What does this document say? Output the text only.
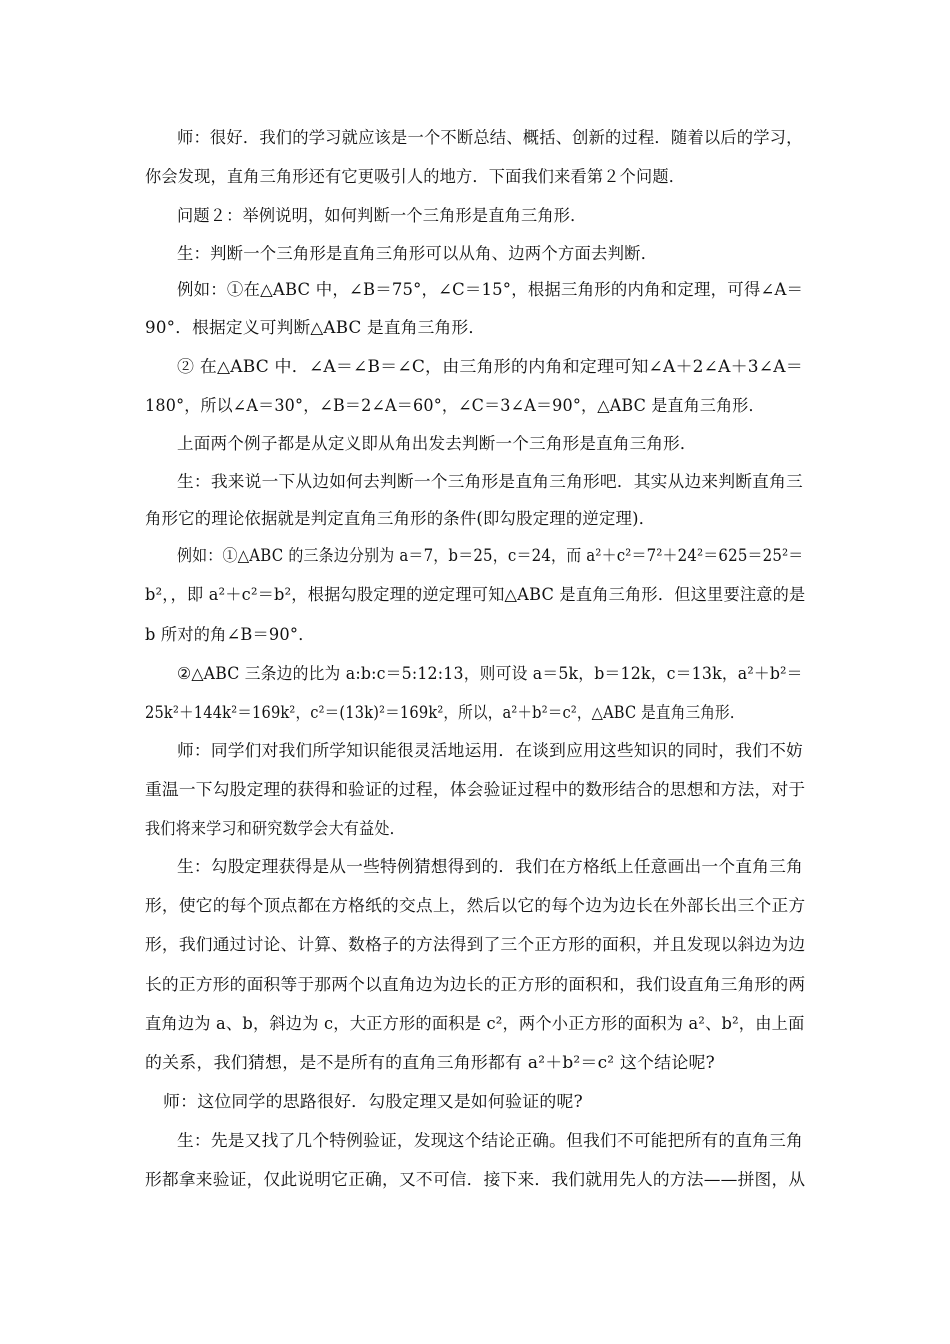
师：很好．我们的学习就应该是一个不断总结、概括、创新的过程．随着以后的学习，
你会发现，直角三角形还有它更吸引人的地方．下面我们来看第２个问题．
问题２：举例说明，如何判断一个三角形是直角三角形．
生：判断一个三角形是直角三角形可以从角、边两个方面去判断．
例如：①在△ABC 中，∠B＝75°，∠C＝15°，根据三角形的内角和定理，可得∠A＝
90°．根据定义可判断△ABC 是直角三角形．
② 在△ABC 中．∠A＝∠B＝∠C，由三角形的内角和定理可知∠A＋2∠A＋3∠A＝
180°，所以∠A＝30°，∠B＝2∠A＝60°，∠C＝3∠A＝90°，△ABC 是直角三角形．
上面两个例子都是从定义即从角出发去判断一个三角形是直角三角形．
生：我来说一下从边如何去判断一个三角形是直角三角形吧．其实从边来判断直角三
角形它的理论依据就是判定直角三角形的条件(即勾股定理的逆定理)．
例如：①△ABC 的三条边分别为 a＝7，b＝25，c＝24，而 a²＋c²＝7²＋24²＝625＝25²＝
b²，，即 a²＋c²＝b²，根据勾股定理的逆定理可知△ABC 是直角三角形．但这里要注意的是
b 所对的角∠B＝90°．
②△ABC 三条边的比为 a:b:c＝5:12:13，则可设 a＝5k，b＝12k，c＝13k，a²＋b²＝
25k²＋144k²＝169k²，c²＝(13k)²＝169k²，所以，a²＋b²＝c²，△ABC 是直角三角形．
师：同学们对我们所学知识能很灵活地运用．在谈到应用这些知识的同时，我们不妨
重温一下勾股定理的获得和验证的过程，体会验证过程中的数形结合的思想和方法，对于
我们将来学习和研究数学会大有益处．
生：勾股定理获得是从一些特例猜想得到的．我们在方格纸上任意画出一个直角三角
形，使它的每个顶点都在方格纸的交点上，然后以它的每个边为边长在外部长出三个正方
形，我们通过讨论、计算、数格子的方法得到了三个正方形的面积，并且发现以斜边为边
长的正方形的面积等于那两个以直角边为边长的正方形的面积和，我们设直角三角形的两
直角边为 a、b，斜边为 c，大正方形的面积是 c²，两个小正方形的面积为 a²、b²，由上面
的关系，我们猜想，是不是所有的直角三角形都有 a²＋b²＝c² 这个结论呢?
师：这位同学的思路很好．勾股定理又是如何验证的呢?
生：先是又找了几个特例验证，发现这个结论正确。但我们不可能把所有的直角三角
形都拿来验证，仅此说明它正确，又不可信．接下来．我们就用先人的方法——拼图，从
